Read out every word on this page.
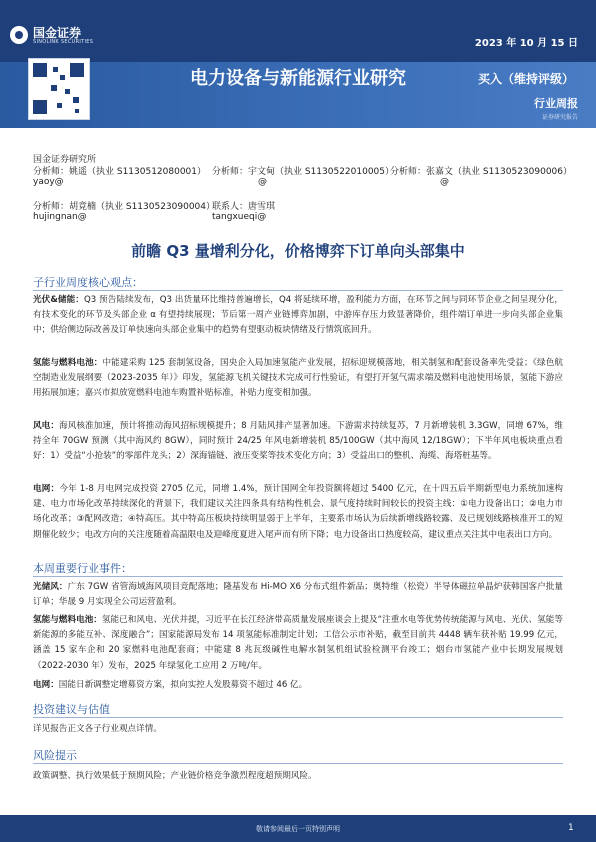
国金证券
SINOLINK SECURITIES	2023 年 10 月 15 日
电力设备与新能源行业研究	买入（维持评级）
行业周报
证券研究报告
国金证券研究所
分析师：姚遥（执业 S1130512080001）
yaoy@
分析师：宇文甸（执业 S1130522010005）
@
分析师：张嘉文（执业 S1130523090006）
@
分析师：胡竟楠（执业 S1130523090004）
hujingnan@
联系人：唐雪琪
tangxueqi@
前瞻 Q3 量增利分化，价格博弈下订单向头部集中
子行业周度核心观点：
光伏&储能：Q3 预告陆续发布，Q3 出货量环比维持普遍增长，Q4 将延续环增，盈利能力方面，在环节之间与同环节企业之间呈现分化，有技术变化的环节及头部企业 α 有望持续展现；节后第一周产业链博弈加剧，中游库存压力致显著降价，组件端订单进一步向头部企业集中；供给侧边际改善及订单快速向头部企业集中的趋势有望驱动板块情绪及行情筑底回升。
氢能与燃料电池：中能建采购 125 套制氢设备，国央企入局加速氢能产业发展，招标迎规模落地，相关制氢和配套设备率先受益；《绿色航空制造业发展纲要（2023-2035 年）》印发，氢能源飞机关键技术完成可行性验证，有望打开氢气需求端及燃料电池使用场景，氢能下游应用拓展加速；嘉兴市拟放宽燃料电池车购置补贴标准，补贴力度变相加强。
风电：海风核准加速，预计将推动海风招标规模提升；8 月陆风排产显著加速。下游需求持续复苏，7 月新增装机 3.3GW，同增 67%，维持全年 70GW 预测（其中海风约 8GW），同时预计 24/25 年风电新增装机 85/100GW（其中海风 12/18GW）；下半年风电板块重点看好：1）受益“小抢装”的零部件龙头；2）深海锚链、液压变桨等技术变化方向；3）受益出口的整机、海缆、海塔桩基等。
电网：今年 1-8 月电网完成投资 2705 亿元，同增 1.4%，预计国网全年投资额将超过 5400 亿元，在十四五后半期新型电力系统加速构建、电力市场化改革持续深化的背景下，我们建议关注四条具有结构性机会、景气度持续时间较长的投资主线：①电力设备出口；②电力市场化改革；③配网改造；④特高压。其中特高压板块持续明显弱于上半年，主要系市场认为后续新增线路较露、及已规划线路核准开工的短期催化较少；电改方向的关注度随着高温限电及迎峰度夏进入尾声而有所下降；电力设备出口热度较高，建议重点关注其中电表出口方向。
本周重要行业事件：
光储风：广东 7GW 省管海域海风项目竞配落地；隆基发布 Hi-MO X6 分布式组件新品；奥特维（松瓷）半导体磁拉单晶炉获韩国客户批量订单；华晟 9 月实现全公司运营盈利。
氢能与燃料电池：氢能已和风电、光伏并提，习近平在长江经济带高质量发展座谈会上提及“注重水电等优势传统能源与风电、光伏、氢能等新能源的多能互补、深度融合”；国家能源局发布 14 项氢能标准制定计划；工信公示市补贴，截至目前共 4448 辆车获补贴 19.99 亿元，涵盖 15 家车企和 20 家燃料电池配套商；中能建 8 兆瓦级碱性电解水制氢机组试验检测平台竣工；烟台市氢能产业中长期发展规划（2022-2030 年）发布，2025 年绿氢化工应用 2 万吨/年。
电网：国能日新调整定增募资方案，拟向实控人发股募资不超过 46 亿。
投资建议与估值
详见报告正文各子行业观点详情。
风险提示
政策调整、执行效果低于预期风险；产业链价格竞争激烈程度超预期风险。
敬请参阅最后一页特别声明	1
